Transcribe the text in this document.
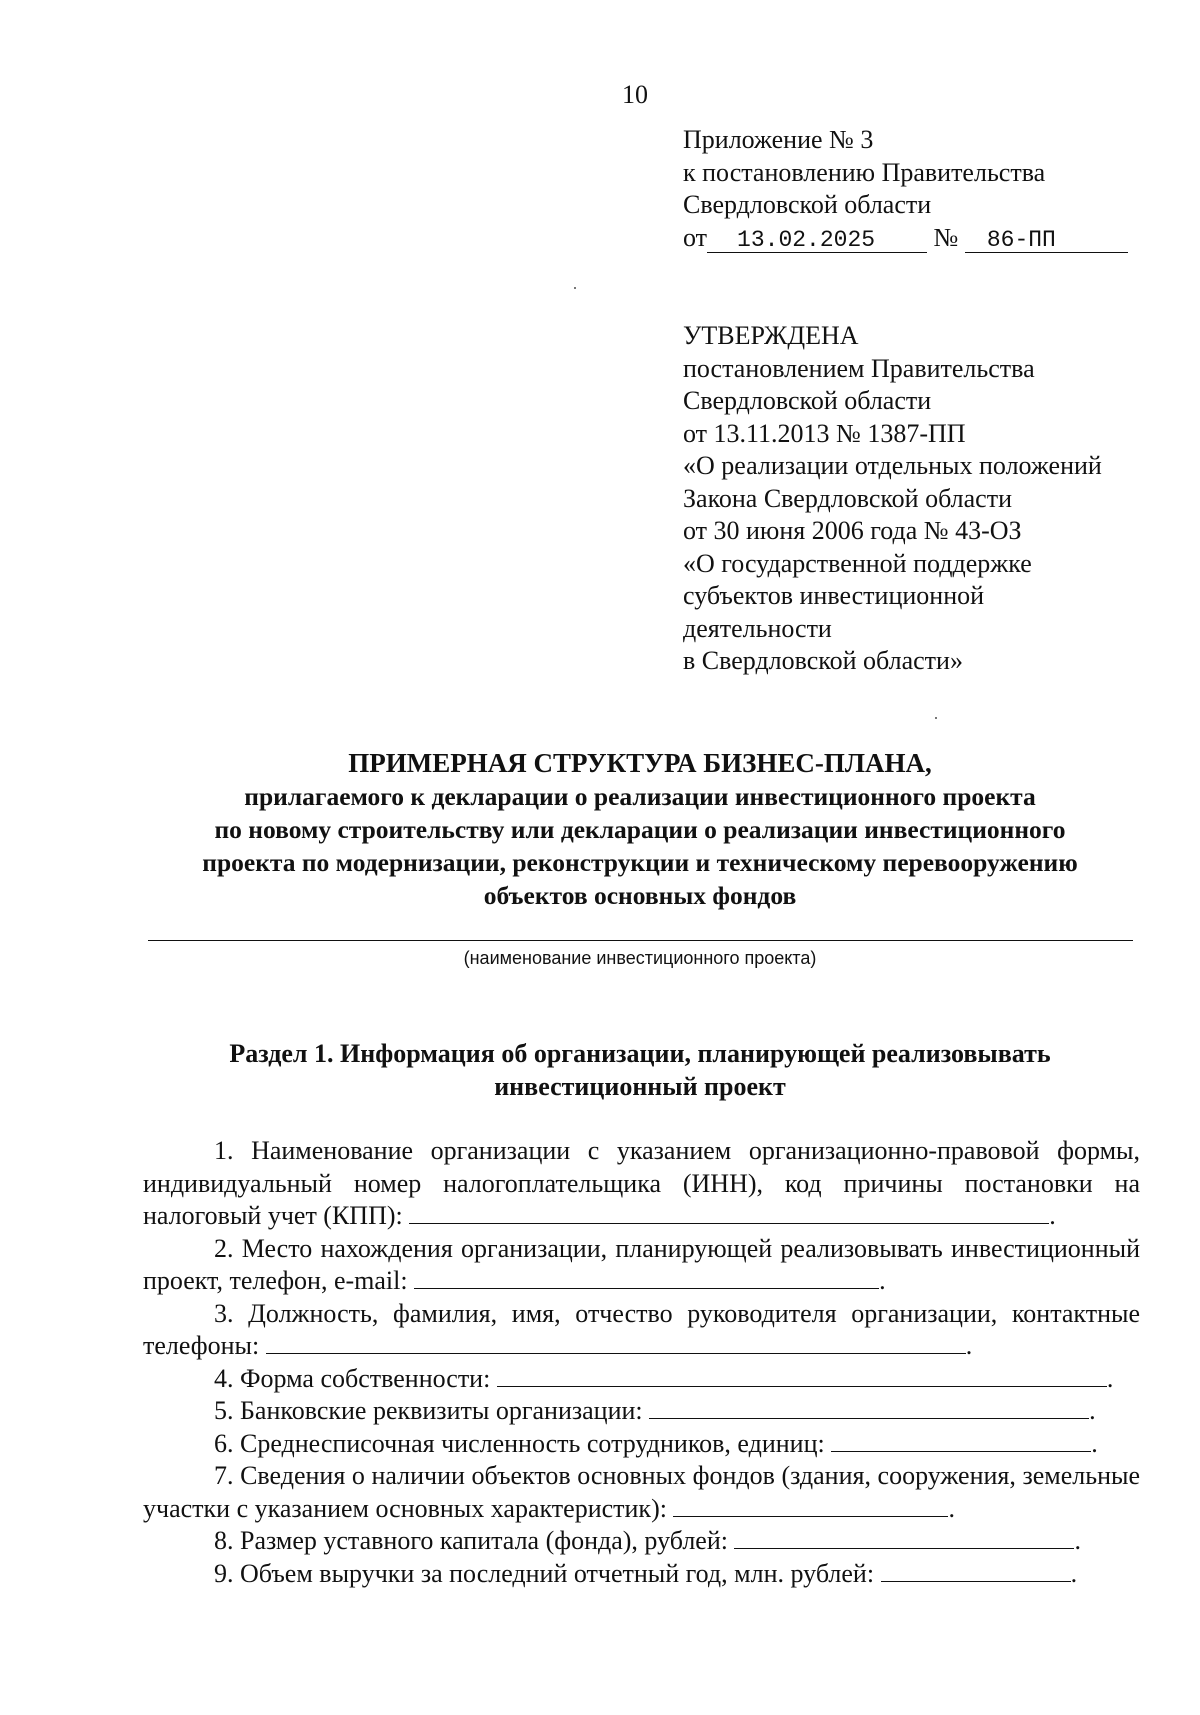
10
Приложение № 3
к постановлению Правительства
Свердловской области
от 13.02.2025 № 86-ПП
УТВЕРЖДЕНА
постановлением Правительства
Свердловской области
от 13.11.2013 № 1387-ПП
«О реализации отдельных положений
Закона Свердловской области
от 30 июня 2006 года № 43-ОЗ
«О государственной поддержке
субъектов инвестиционной
деятельности
в Свердловской области»
ПРИМЕРНАЯ СТРУКТУРА БИЗНЕС-ПЛАНА,
прилагаемого к декларации о реализации инвестиционного проекта
по новому строительству или декларации о реализации инвестиционного
проекта по модернизации, реконструкции и техническому перевооружению
объектов основных фондов
(наименование инвестиционного проекта)
Раздел 1. Информация об организации, планирующей реализовывать
инвестиционный проект
1. Наименование организации с указанием организационно-правовой формы, индивидуальный номер налогоплательщика (ИНН), код причины постановки на налоговый учет (КПП):	.
2. Место нахождения организации, планирующей реализовывать инвестиционный проект, телефон, e-mail:	.
3. Должность, фамилия, имя, отчество руководителя организации, контактные телефоны:	.
4. Форма собственности:	.
5. Банковские реквизиты организации:	.
6. Среднесписочная численность сотрудников, единиц:	.
7. Сведения о наличии объектов основных фондов (здания, сооружения, земельные участки с указанием основных характеристик):	.
8. Размер уставного капитала (фонда), рублей:	.
9. Объем выручки за последний отчетный год, млн. рублей:	.
